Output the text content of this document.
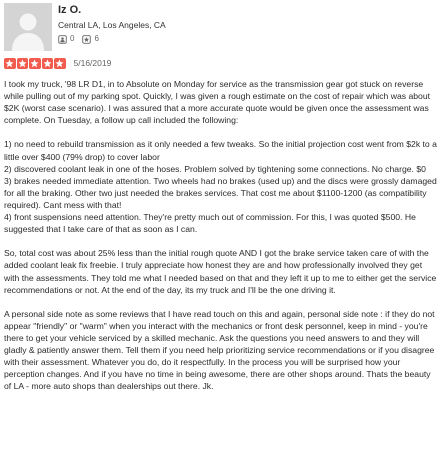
Iz O.
Central LA, Los Angeles, CA
0	6
5/16/2019

I took my truck, '98 LR D1, in to Absolute on Monday for service as the transmission gear got stuck on reverse while pulling out of my parking spot. Quickly, I was given a rough estimate on the cost of repair which was about $2K (worst case scenario). I was assured that a more accurate quote would be given once the assessment was complete. On Tuesday, a follow up call included the following:

1) no need to rebuild transmission as it only needed a few tweaks. So the initial projection cost went from $2k to a little over $400 (79% drop) to cover labor
2) discovered coolant leak in one of the hoses. Problem solved by tightening some connections. No charge. $0
3) brakes needed immediate attention. Two wheels had no brakes (used up) and the discs were grossly damaged for all the braking. Other two just needed the brakes services. That cost me about $1100-1200 (as compatibility required). Cant mess with that!
4) front suspensions need attention. They're pretty much out of commission. For this, I was quoted $500. He suggested that I take care of that as soon as I can.

So, total cost was about 25% less than the initial rough quote AND I got the brake service taken care of with the added coolant leak fix freebie. I truly appreciate how honest they are and how professionally involved they get with the assessments. They told me what I needed based on that and they left it up to me to either get the service recommendations or not. At the end of the day, its my truck and I'll be the one driving it.

A personal side note as some reviews that I have read touch on this and again, personal side note : if they do not appear "friendly" or "warm" when you interact with the mechanics or front desk personnel, keep in mind - you're there to get your vehicle serviced by a skilled mechanic. Ask the questions you need answers to and they will gladly & patiently answer them. Tell them if you need help prioritizing service recommendations or if you disagree with their assessment. Whatever you do, do it respectfully. In the process you will be surprised how your perception changes. And if you have no time in being awesome, there are other shops around. Thats the beauty of LA - more auto shops than dealerships out there. Jk.
